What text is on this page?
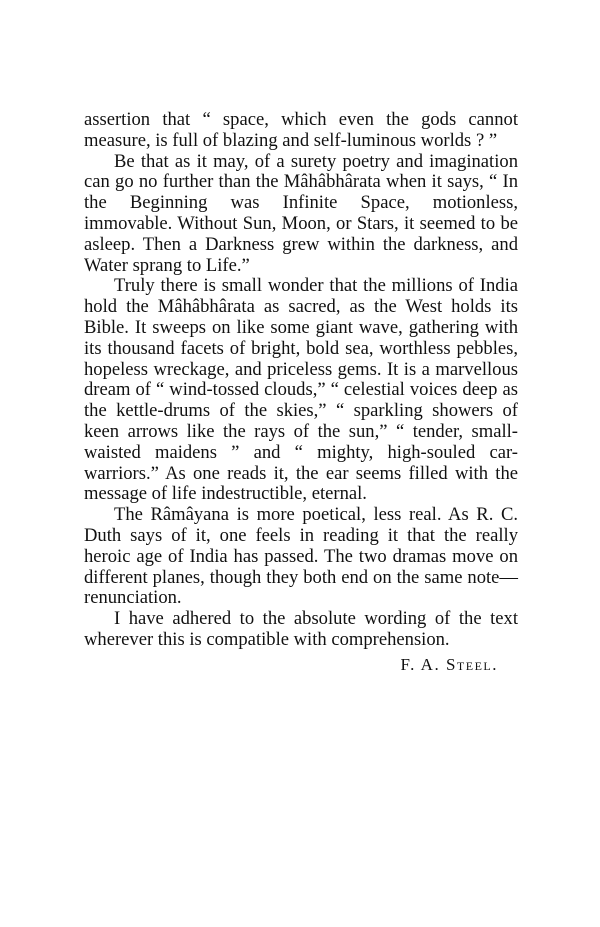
assertion that “ space, which even the gods cannot measure, is full of blazing and self-luminous worlds ? ”

Be that as it may, of a surety poetry and imagination can go no further than the Mâhâbhârata when it says, “ In the Beginning was Infinite Space, motionless, immovable. Without Sun, Moon, or Stars, it seemed to be asleep. Then a Darkness grew within the darkness, and Water sprang to Life.”

Truly there is small wonder that the millions of India hold the Mâhâbhârata as sacred, as the West holds its Bible. It sweeps on like some giant wave, gathering with its thousand facets of bright, bold sea, worthless pebbles, hopeless wreckage, and priceless gems. It is a marvellous dream of “ wind-tossed clouds,” “ celestial voices deep as the kettle-drums of the skies,” “ sparkling showers of keen arrows like the rays of the sun,” “ tender, small-waisted maidens ” and “ mighty, high-souled car-warriors.” As one reads it, the ear seems filled with the message of life indestructible, eternal.

The Râmâyana is more poetical, less real. As R. C. Duth says of it, one feels in reading it that the really heroic age of India has passed. The two dramas move on different planes, though they both end on the same note—renunciation.

I have adhered to the absolute wording of the text wherever this is compatible with comprehension.

F. A. Steel.
